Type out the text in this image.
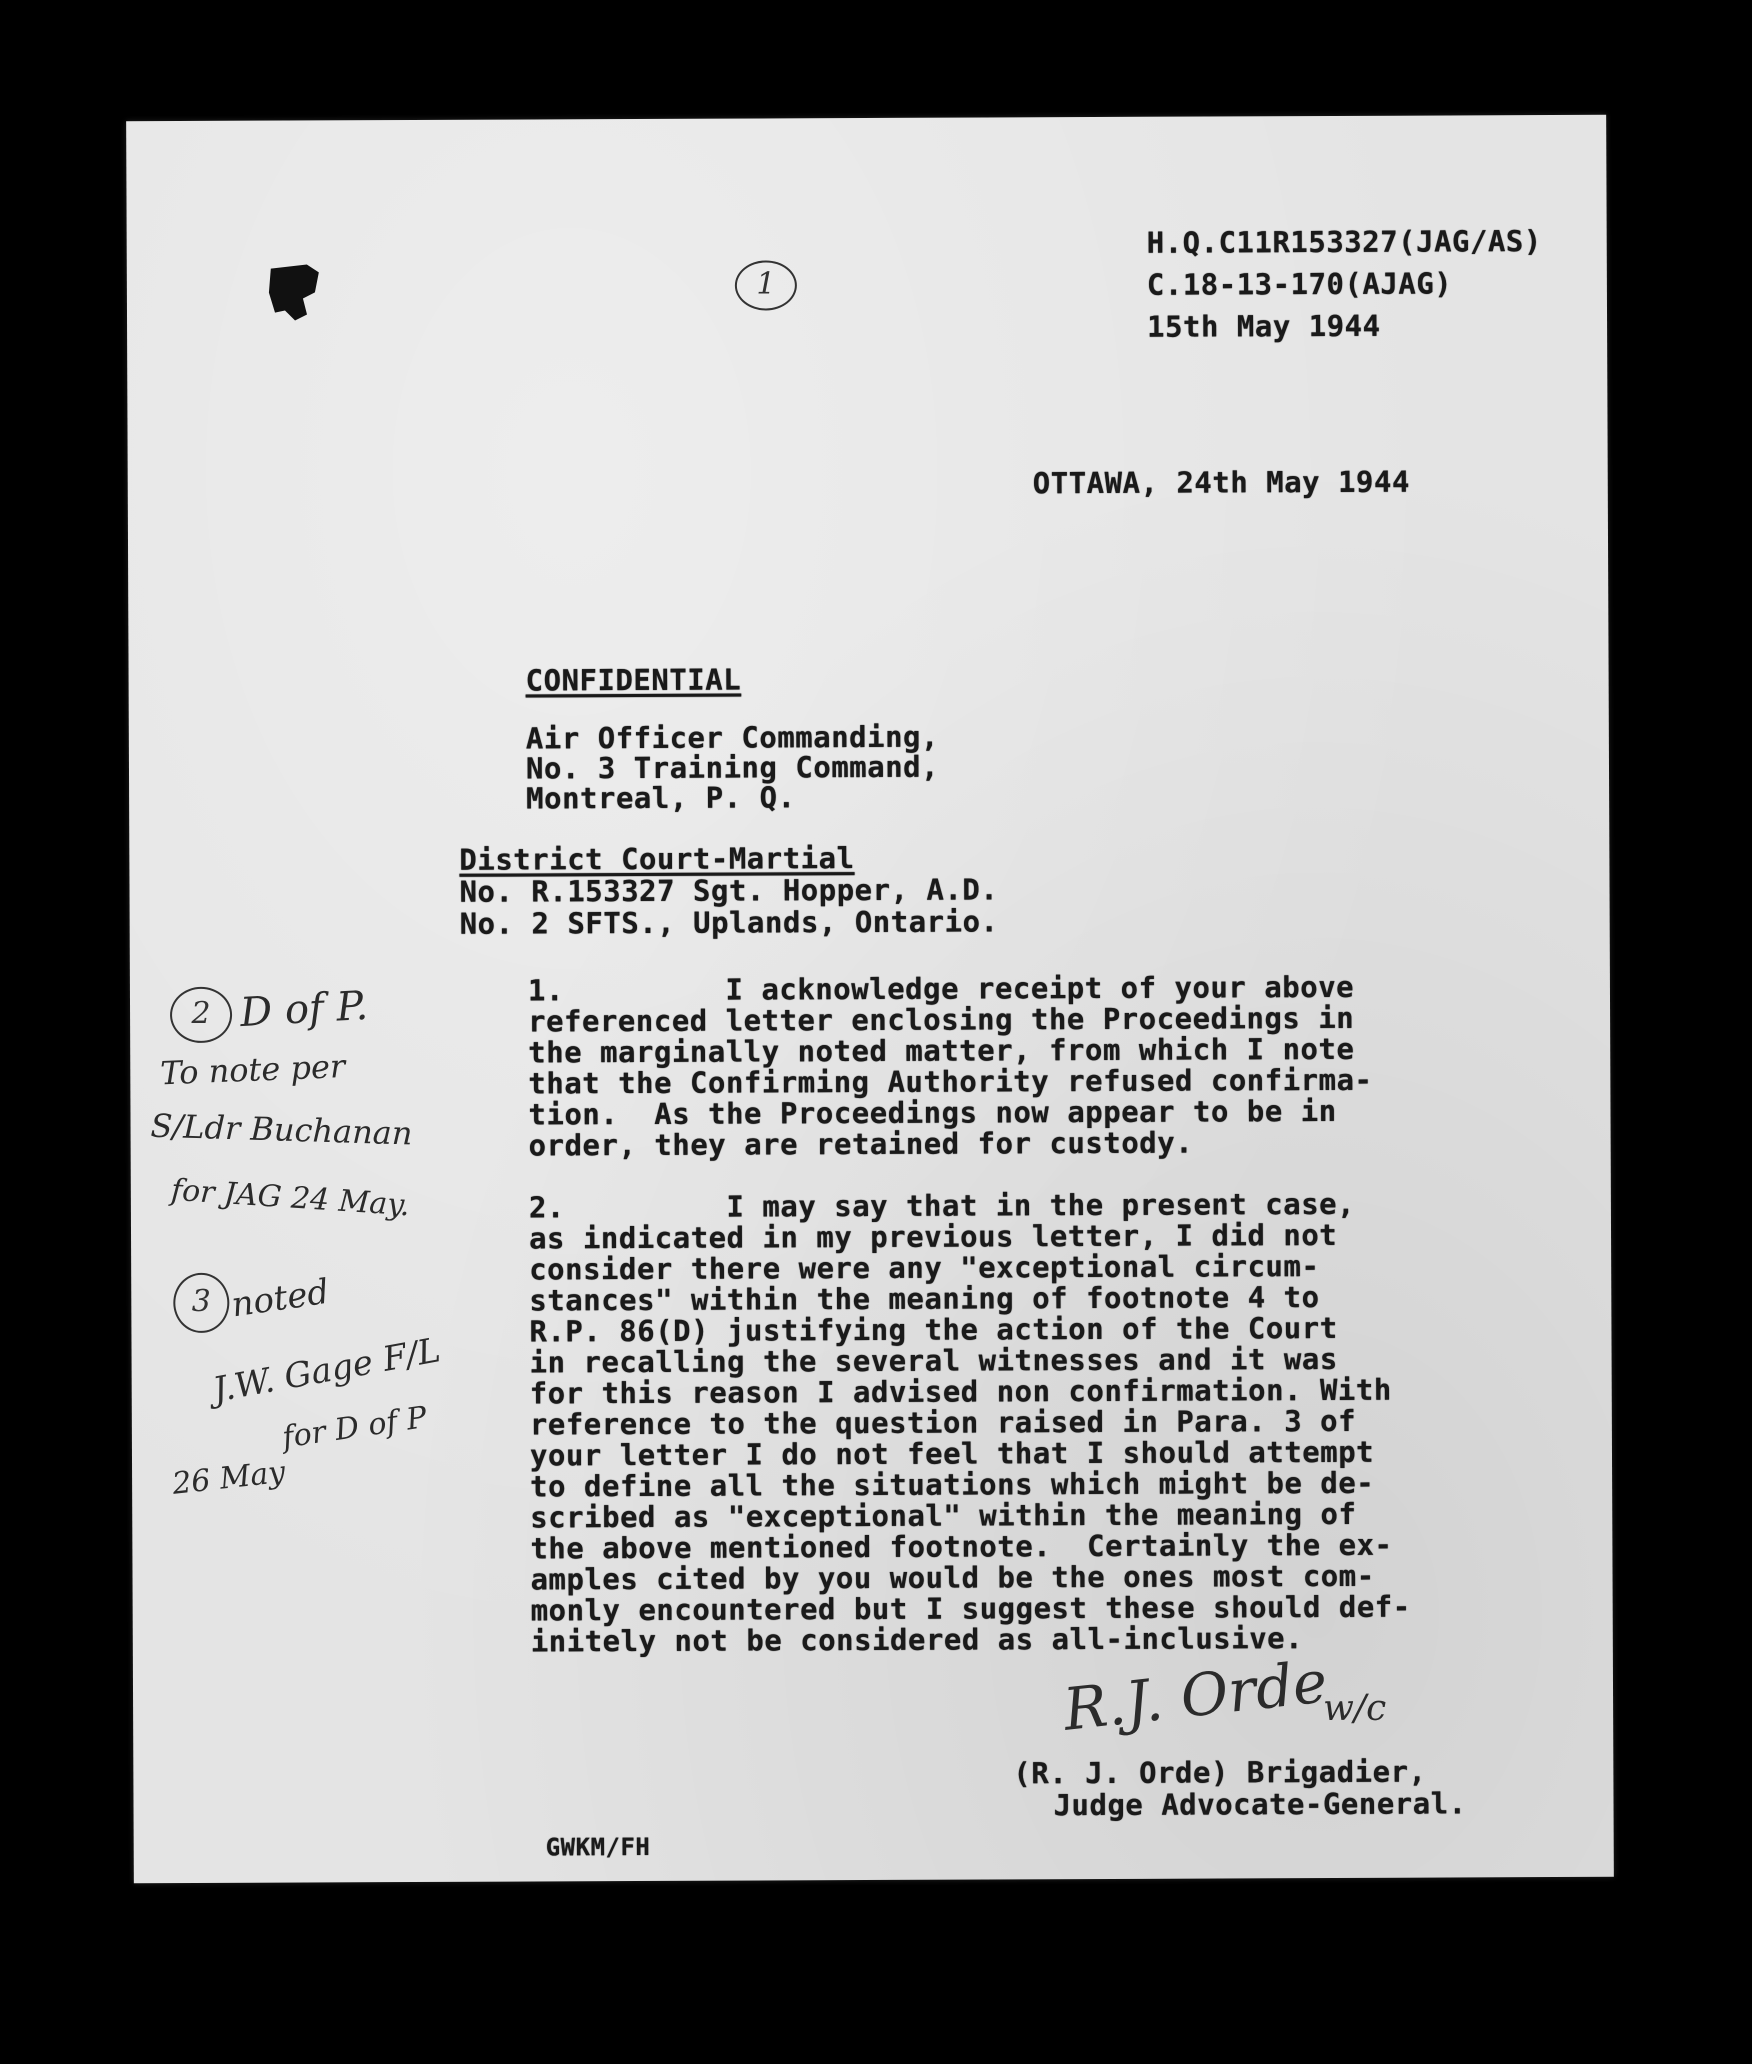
1
H.Q.C11R153327(JAG/AS)
C.18-13-170(AJAG)
15th May 1944
OTTAWA, 24th May 1944
CONFIDENTIAL
Air Officer Commanding,
No. 3 Training Command,
Montreal, P. Q.
District Court-Martial
No. R.153327 Sgt. Hopper, A.D.
No. 2 SFTS., Uplands, Ontario.
1.         I acknowledge receipt of your above
referenced letter enclosing the Proceedings in
the marginally noted matter, from which I note
that the Confirming Authority refused confirma-
tion.  As the Proceedings now appear to be in
order, they are retained for custody.
2.         I may say that in the present case,
as indicated in my previous letter, I did not
consider there were any "exceptional circum-
stances" within the meaning of footnote 4 to
R.P. 86(D) justifying the action of the Court
in recalling the several witnesses and it was
for this reason I advised non confirmation. With
reference to the question raised in Para. 3 of
your letter I do not feel that I should attempt
to define all the situations which might be de-
scribed as "exceptional" within the meaning of
the above mentioned footnote.  Certainly the ex-
amples cited by you would be the ones most com-
monly encountered but I suggest these should def-
initely not be considered as all-inclusive.
R.J. Orde
w/c
(R. J. Orde) Brigadier,
Judge Advocate-General.
GWKM/FH
2 D of P.
To note per
S/Ldr Buchanan
for JAG 24 May.
3 noted
J.W. Gage F/L
for D of P
26 May
